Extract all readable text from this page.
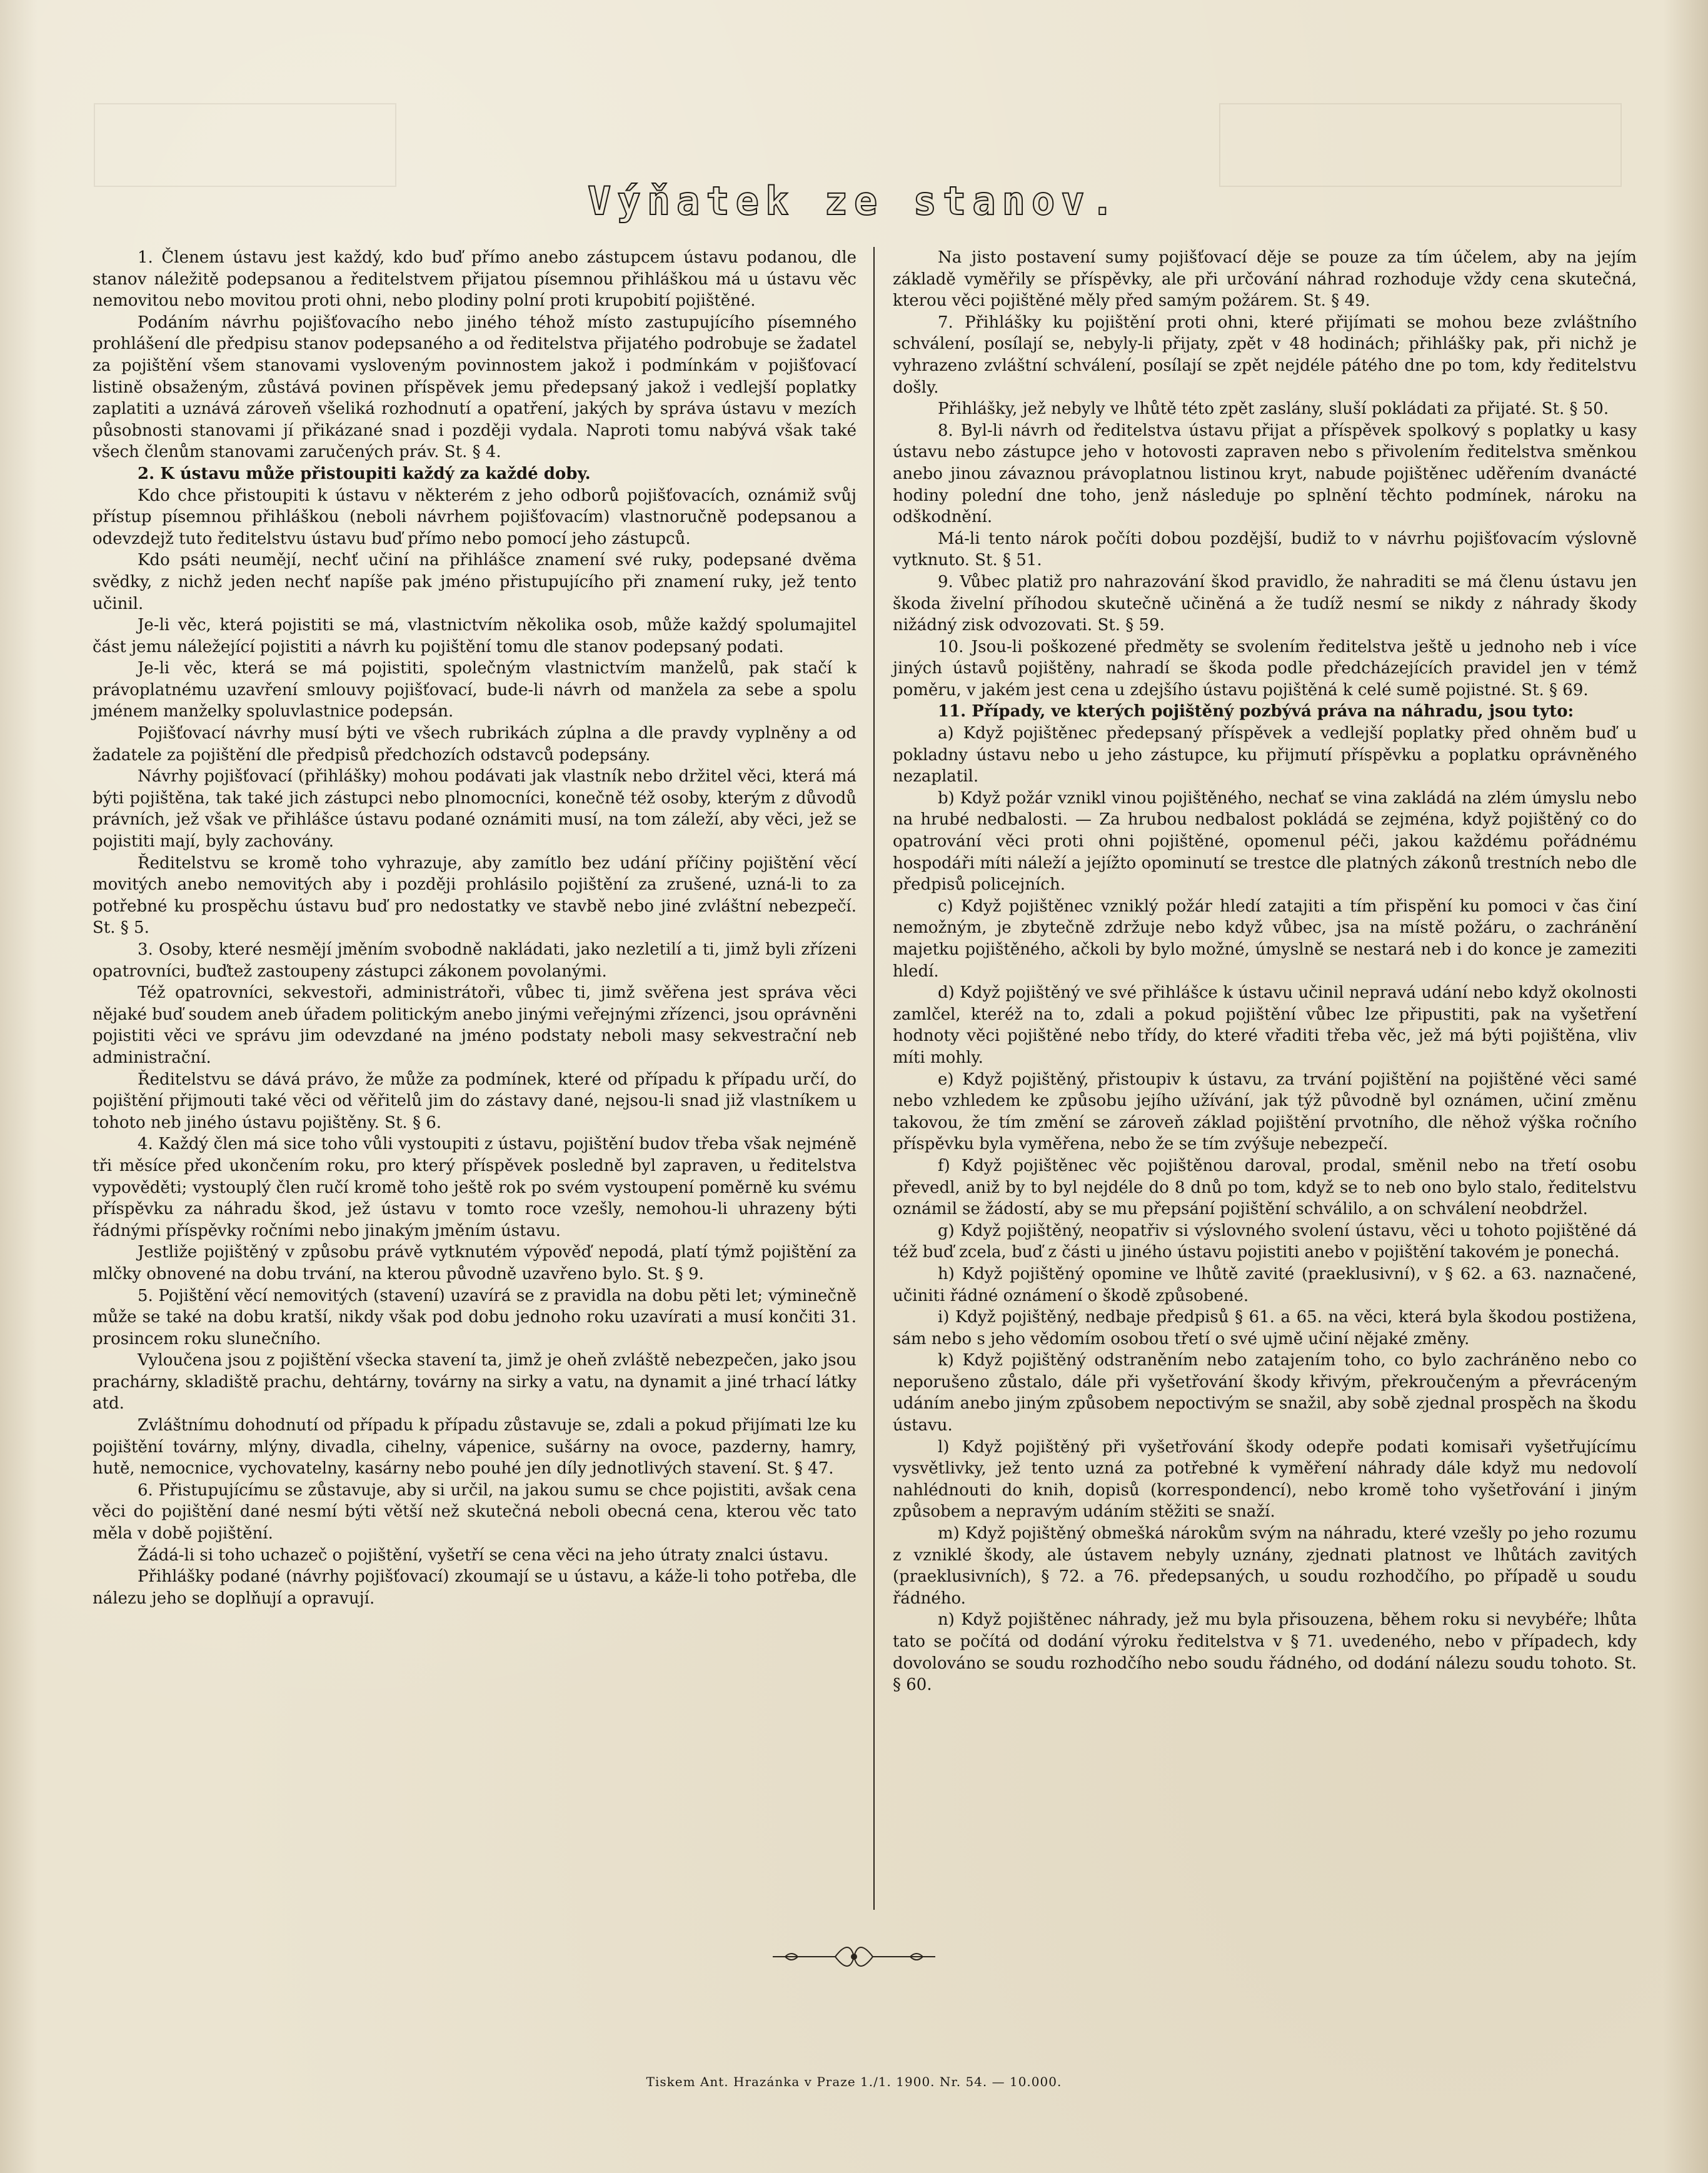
Výňatek ze stanov.

1. Členem ústavu jest každý, kdo buď přímo anebo zástupcem ústavu podanou, dle stanov náležitě podepsanou a ředitelstvem přijatou písemnou přihláškou má u ústavu věc nemovitou nebo movitou proti ohni, nebo plodiny polní proti krupobití pojištěné.

Podáním návrhu pojišťovacího nebo jiného téhož místo zastupujícího písemného prohlášení dle předpisu stanov podepsaného a od ředitelstva přijatého podrobuje se žadatel za pojištění všem stanovami vysloveným povinnostem jakož i podmínkám v pojišťovací listině obsaženým, zůstává povinen příspěvek jemu předepsaný jakož i vedlejší poplatky zaplatiti a uznává zároveň všeliká rozhodnutí a opatření, jakých by správa ústavu v mezích působnosti stanovami jí přikázané snad i později vydala. Naproti tomu nabývá však také všech členům stanovami zaručených práv. St. § 4.

2. K ústavu může přistoupiti každý za každé doby.

Kdo chce přistoupiti k ústavu v některém z jeho odborů pojišťovacích, oznámiž svůj přístup písemnou přihláškou (neboli návrhem pojišťovacím) vlastnoručně podepsanou a odevzdejž tuto ředitelstvu ústavu buď přímo nebo pomocí jeho zástupců.

Kdo psáti neumějí, nechť učiní na přihlášce znamení své ruky, podepsané dvěma svědky, z nichž jeden nechť napíše pak jméno přistupujícího při znamení ruky, jež tento učinil.

Je-li věc, která pojistiti se má, vlastnictvím několika osob, může každý spolumajitel část jemu náležející pojistiti a návrh ku pojištění tomu dle stanov podepsaný podati.

Je-li věc, která se má pojistiti, společným vlastnictvím manželů, pak stačí k právoplatnému uzavření smlouvy pojišťovací, bude-li návrh od manžela za sebe a spolu jménem manželky spoluvlastnice podepsán.

Pojišťovací návrhy musí býti ve všech rubrikách zúplna a dle pravdy vyplněny a od žadatele za pojištění dle předpisů předchozích odstavců podepsány.

Návrhy pojišťovací (přihlášky) mohou podávati jak vlastník nebo držitel věci, která má býti pojištěna, tak také jich zástupci nebo plnomocníci, konečně též osoby, kterým z důvodů právních, jež však ve přihlášce ústavu podané oznámiti musí, na tom záleží, aby věci, jež se pojistiti mají, byly zachovány.

Ředitelstvu se kromě toho vyhrazuje, aby zamítlo bez udání příčiny pojištění věcí movitých anebo nemovitých aby i později prohlásilo pojištění za zrušené, uzná-li to za potřebné ku prospěchu ústavu buď pro nedostatky ve stavbě nebo jiné zvláštní nebezpečí. St. § 5.

3. Osoby, které nesmějí jměním svobodně nakládati, jako nezletilí a ti, jimž byli zřízeni opatrovníci, buďtež zastoupeny zástupci zákonem povolanými.

Též opatrovníci, sekvestoři, administrátoři, vůbec ti, jimž svěřena jest správa věci nějaké buď soudem aneb úřadem politickým anebo jinými veřejnými zřízenci, jsou oprávněni pojistiti věci ve správu jim odevzdané na jméno podstaty neboli masy sekvestrační neb administrační.

Ředitelstvu se dává právo, že může za podmínek, které od případu k případu určí, do pojištění přijmouti také věci od věřitelů jim do zástavy dané, nejsou-li snad již vlastníkem u tohoto neb jiného ústavu pojištěny. St. § 6.

4. Každý člen má sice toho vůli vystoupiti z ústavu, pojištění budov třeba však nejméně tři měsíce před ukončením roku, pro který příspěvek posledně byl zapraven, u ředitelstva vypověděti; vystouplý člen ručí kromě toho ještě rok po svém vystoupení poměrně ku svému příspěvku za náhradu škod, jež ústavu v tomto roce vzešly, nemohou-li uhrazeny býti řádnými příspěvky ročními nebo jinakým jměním ústavu.

Jestliže pojištěný v způsobu právě vytknutém výpověď nepodá, platí týmž pojištění za mlčky obnovené na dobu trvání, na kterou původně uzavřeno bylo. St. § 9.

5. Pojištění věcí nemovitých (stavení) uzavírá se z pravidla na dobu pěti let; výminečně může se také na dobu kratší, nikdy však pod dobu jednoho roku uzavírati a musí končiti 31. prosincem roku slunečního.

Vyloučena jsou z pojištění všecka stavení ta, jimž je oheň zvláště nebezpečen, jako jsou prachárny, skladiště prachu, dehtárny, továrny na sirky a vatu, na dynamit a jiné trhací látky atd.

Zvláštnímu dohodnutí od případu k případu zůstavuje se, zdali a pokud přijímati lze ku pojištění továrny, mlýny, divadla, cihelny, vápenice, sušárny na ovoce, pazderny, hamry, hutě, nemocnice, vychovatelny, kasárny nebo pouhé jen díly jednotlivých stavení. St. § 47.

6. Přistupujícímu se zůstavuje, aby si určil, na jakou sumu se chce pojistiti, avšak cena věci do pojištění dané nesmí býti větší než skutečná neboli obecná cena, kterou věc tato měla v době pojištění.

Žádá-li si toho uchazeč o pojištění, vyšetří se cena věci na jeho útraty znalci ústavu.

Přihlášky podané (návrhy pojišťovací) zkoumají se u ústavu, a káže-li toho potřeba, dle nálezu jeho se doplňují a opravují.

Na jisto postavení sumy pojišťovací děje se pouze za tím účelem, aby na jejím základě vyměřily se příspěvky, ale při určování náhrad rozhoduje vždy cena skutečná, kterou věci pojištěné měly před samým požárem. St. § 49.

7. Přihlášky ku pojištění proti ohni, které přijímati se mohou beze zvláštního schválení, posílají se, nebyly-li přijaty, zpět v 48 hodinách; přihlášky pak, při nichž je vyhrazeno zvláštní schválení, posílají se zpět nejdéle pátého dne po tom, kdy ředitelstvu došly.

Přihlášky, jež nebyly ve lhůtě této zpět zaslány, sluší pokládati za přijaté. St. § 50.

8. Byl-li návrh od ředitelstva ústavu přijat a příspěvek spolkový s poplatky u kasy ústavu nebo zástupce jeho v hotovosti zapraven nebo s přivolením ředitelstva směnkou anebo jinou závaznou právoplatnou listinou kryt, nabude pojištěnec uděřením dvanácté hodiny polední dne toho, jenž následuje po splnění těchto podmínek, nároku na odškodnění.

Má-li tento nárok počíti dobou pozdější, budiž to v návrhu pojišťovacím výslovně vytknuto. St. § 51.

9. Vůbec platiž pro nahrazování škod pravidlo, že nahraditi se má členu ústavu jen škoda živelní příhodou skutečně učiněná a že tudíž nesmí se nikdy z náhrady škody nižádný zisk odvozovati. St. § 59.

10. Jsou-li poškozené předměty se svolením ředitelstva ještě u jednoho neb i více jiných ústavů pojištěny, nahradí se škoda podle předcházejících pravidel jen v témž poměru, v jakém jest cena u zdejšího ústavu pojištěná k celé sumě pojistné. St. § 69.

11. Případy, ve kterých pojištěný pozbývá práva na náhradu, jsou tyto:

a) Když pojištěnec předepsaný příspěvek a vedlejší poplatky před ohněm buď u pokladny ústavu nebo u jeho zástupce, ku přijmutí příspěvku a poplatku oprávněného nezaplatil.

b) Když požár vznikl vinou pojištěného, nechať se vina zakládá na zlém úmyslu nebo na hrubé nedbalosti. — Za hrubou nedbalost pokládá se zejména, když pojištěný co do opatrování věci proti ohni pojištěné, opomenul péči, jakou každému pořádnému hospodáři míti náleží a jejížto opominutí se trestce dle platných zákonů trestních nebo dle předpisů policejních.

c) Když pojištěnec vzniklý požár hledí zatajiti a tím přispění ku pomoci v čas činí nemožným, je zbytečně zdržuje nebo když vůbec, jsa na místě požáru, o zachránění majetku pojištěného, ačkoli by bylo možné, úmyslně se nestará neb i do konce je zameziti hledí.

d) Když pojištěný ve své přihlášce k ústavu učinil nepravá udání nebo když okolnosti zamlčel, kteréž na to, zdali a pokud pojištění vůbec lze připustiti, pak na vyšetření hodnoty věci pojištěné nebo třídy, do které vřaditi třeba věc, jež má býti pojištěna, vliv míti mohly.

e) Když pojištěný, přistoupiv k ústavu, za trvání pojištění na pojištěné věci samé nebo vzhledem ke způsobu jejího užívání, jak týž původně byl oznámen, učiní změnu takovou, že tím změní se zároveň základ pojištění prvotního, dle něhož výška ročního příspěvku byla vyměřena, nebo že se tím zvýšuje nebezpečí.

f) Když pojištěnec věc pojištěnou daroval, prodal, směnil nebo na třetí osobu převedl, aniž by to byl nejdéle do 8 dnů po tom, když se to neb ono bylo stalo, ředitelstvu oznámil se žádostí, aby se mu přepsání pojištění schválilo, a on schválení neobdržel.

g) Když pojištěný, neopatřiv si výslovného svolení ústavu, věci u tohoto pojištěné dá též buď zcela, buď z části u jiného ústavu pojistiti anebo v pojištění takovém je ponechá.

h) Když pojištěný opomine ve lhůtě zavité (praeklusivní), v § 62. a 63. naznačené, učiniti řádné oznámení o škodě způsobené.

i) Když pojištěný, nedbaje předpisů § 61. a 65. na věci, která byla škodou postižena, sám nebo s jeho vědomím osobou třetí o své ujmě učiní nějaké změny.

k) Když pojištěný odstraněním nebo zatajením toho, co bylo zachráněno nebo co neporušeno zůstalo, dále při vyšetřování škody křivým, překroučeným a převráceným udáním anebo jiným způsobem nepoctivým se snažil, aby sobě zjednal prospěch na škodu ústavu.

l) Když pojištěný při vyšetřování škody odepře podati komisaři vyšetřujícímu vysvětlivky, jež tento uzná za potřebné k vyměření náhrady dále když mu nedovolí nahlédnouti do knih, dopisů (korrespondencí), nebo kromě toho vyšetřování i jiným způsobem a nepravým udáním stěžiti se snaží.

m) Když pojištěný obmešká nárokům svým na náhradu, které vzešly po jeho rozumu z vzniklé škody, ale ústavem nebyly uznány, zjednati platnost ve lhůtách zavitých (praeklusivních), § 72. a 76. předepsaných, u soudu rozhodčího, po případě u soudu řádného.

n) Když pojištěnec náhrady, jež mu byla přisouzena, během roku si nevybéře; lhůta tato se počítá od dodání výroku ředitelstva v § 71. uvedeného, nebo v případech, kdy dovolováno se soudu rozhodčího nebo soudu řádného, od dodání nálezu soudu tohoto. St. § 60.

Tiskem Ant. Hrazánka v Praze 1./1. 1900. Nr. 54. — 10.000.
